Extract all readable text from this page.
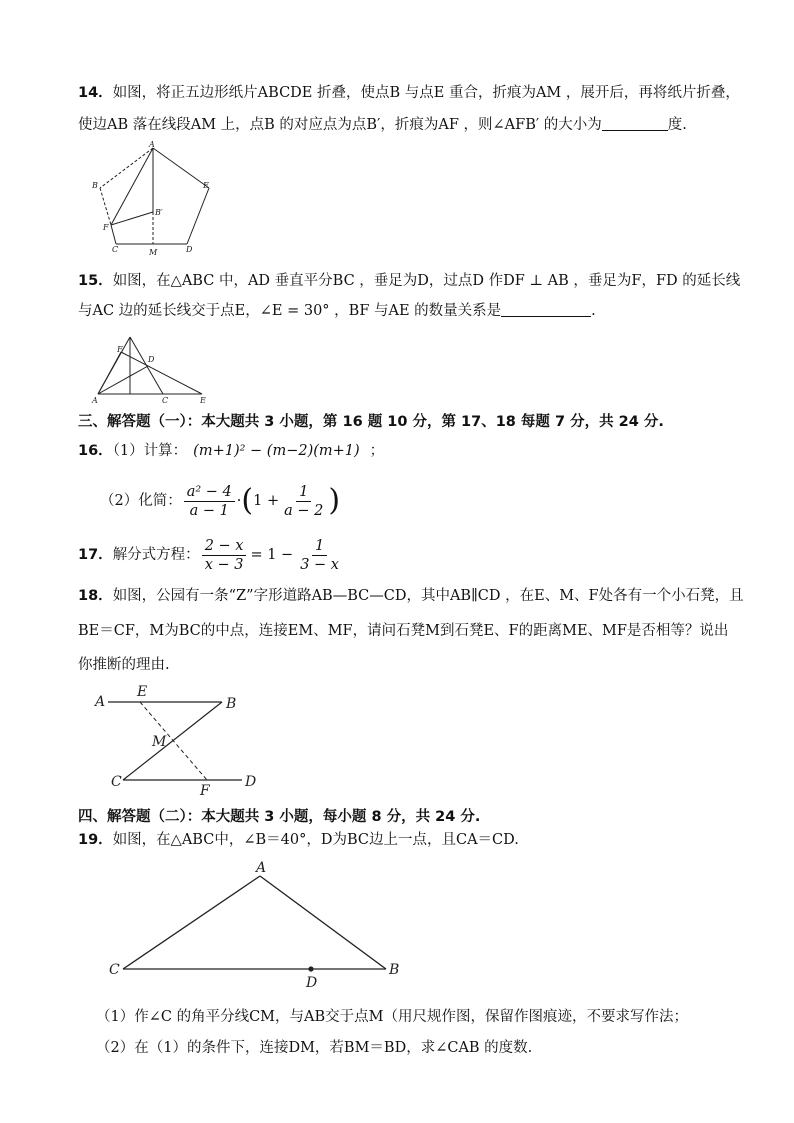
14．如图，将正五边形纸片ABCDE 折叠，使点B 与点E 重合，折痕为AM ，展开后，再将纸片折叠，
使边AB 落在线段AM 上，点B 的对应点为点B′，折痕为AF ，则∠AFB′ 的大小为	度.
A
B	E
B′
F
C	M	D
15．如图，在△ABC 中，AD 垂直平分BC ，垂足为D，过点D 作DF ⊥ AB ，垂足为F，FD 的延长线
与AC 边的延长线交于点E，∠E = 30° ，BF 与AE 的数量关系是	.
F
D
A	C	E
三、解答题（一）：本大题共 3 小题，第 16 题 10 分，第 17、18 每题 7 分，共 24 分.
16．（1）计算： (m+1)² − (m−2)(m+1) ；
（2）化简： $\frac{\text{a² − 4}}{a - 1}$ · ( $1 + \frac{1}{a - 2}$ )
17． 解分式方程： $\frac{2 - x}{x - 3} = 1 - \frac{1}{3 - x}$
18．如图，公园有一条“Z”字形道路AB—BC—CD，其中AB∥CD ，在E、M、F处各有一个小石凳，且
BE＝CF，M为BC的中点，连接EM、MF，请问石凳M到石凳E、F的距离ME、MF是否相等？说出
你推断的理由.
A
E
B
M
C
F
D
四、解答题（二）：本大题共 3 小题，每小题 8 分，共 24 分.
19．如图，在△ABC中，∠B＝40°，D为BC边上一点，且CA＝CD.
A
C
D
B
（1）作∠C 的角平分线CM，与AB交于点M（用尺规作图，保留作图痕迹，不要求写作法；
（2）在（1）的条件下，连接DM，若BM＝BD，求∠CAB 的度数.
